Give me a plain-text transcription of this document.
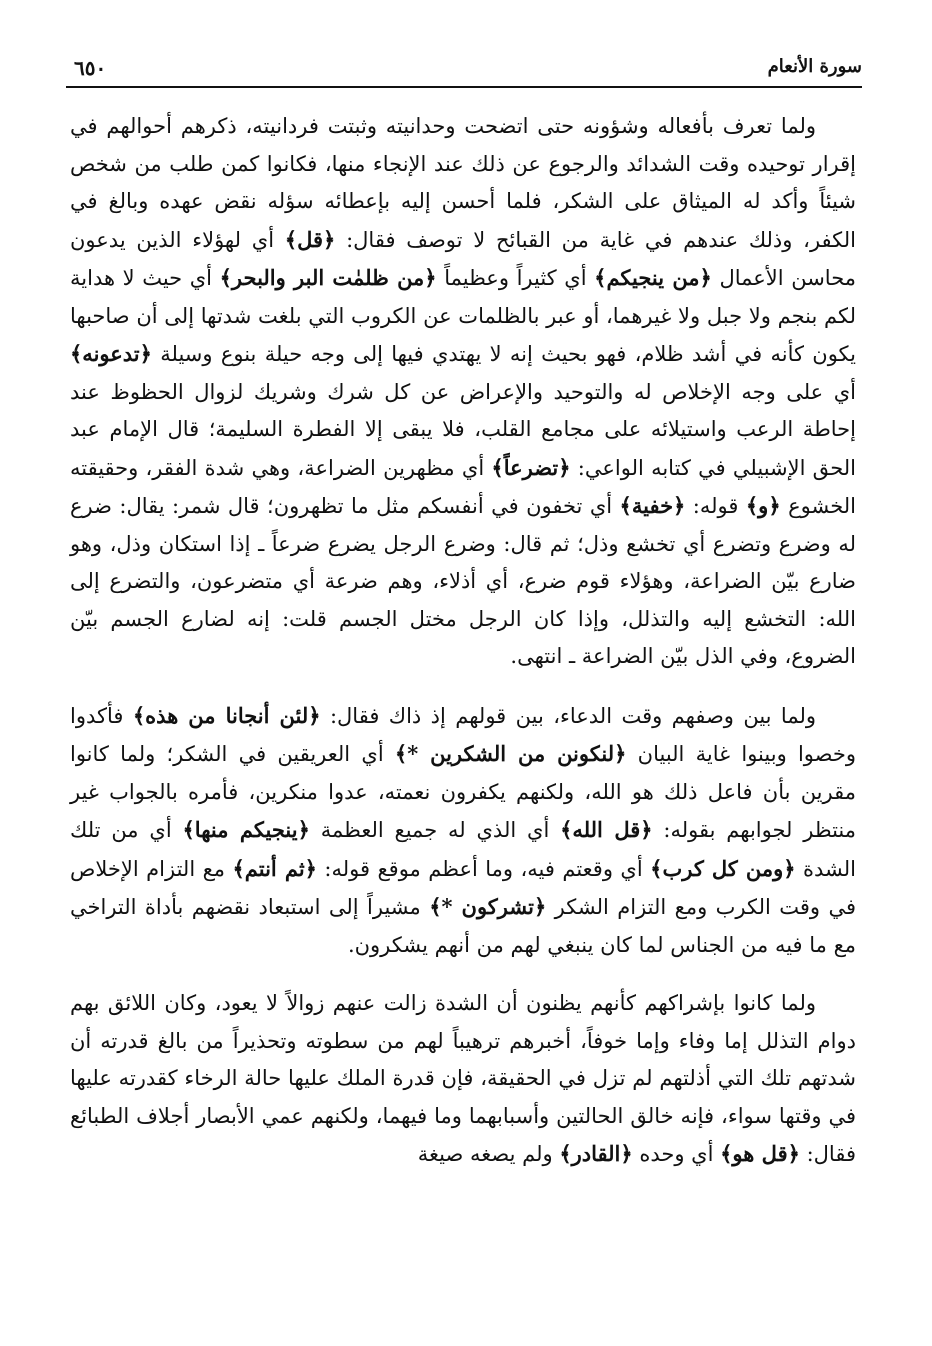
سورة الأنعام
٦٥٠

ولما تعرف بأفعاله وشؤونه حتى اتضحت وحدانيته وثبتت فردانيته، ذكرهم أحوالهم في إقرار توحيده وقت الشدائد والرجوع عن ذلك عند الإنجاء منها، فكانوا كمن طلب من شخص شيئاً وأكد له الميثاق على الشكر، فلما أحسن إليه بإعطائه سؤله نقض عهده وبالغ في الكفر، وذلك عندهم في غاية من القبائح لا توصف فقال: ﴿قل﴾ أي لهؤلاء الذين يدعون محاسن الأعمال ﴿من ينجيكم﴾ أي كثيراً وعظيماً ﴿من ظلمٰت البر والبحر﴾ أي حيث لا هداية لكم بنجم ولا جبل ولا غيرهما، أو عبر بالظلمات عن الكروب التي بلغت شدتها إلى أن صاحبها يكون كأنه في أشد ظلام، فهو بحيث إنه لا يهتدي فيها إلى وجه حيلة بنوع وسيلة ﴿تدعونه﴾ أي على وجه الإخلاص له والتوحيد والإعراض عن كل شرك وشريك لزوال الحظوظ عند إحاطة الرعب واستيلائه على مجامع القلب، فلا يبقى إلا الفطرة السليمة؛ قال الإمام عبد الحق الإشبيلي في كتابه الواعي: ﴿تضرعاً﴾ أي مظهرين الضراعة، وهي شدة الفقر، وحقيقته الخشوع ﴿و﴾ قوله: ﴿خفية﴾ أي تخفون في أنفسكم مثل ما تظهرون؛ قال شمر: يقال: ضرع له وضرع وتضرع أي تخشع وذل؛ ثم قال: وضرع الرجل يضرع ضرعاً ـ إذا استكان وذل، وهو ضارع بيّن الضراعة، وهؤلاء قوم ضرع، أي أذلاء، وهم ضرعة أي متضرعون، والتضرع إلى الله: التخشع إليه والتذلل، وإذا كان الرجل مختل الجسم قلت: إنه لضارع الجسم بيّن الضروع، وفي الذل بيّن الضراعة ـ انتهى.

ولما بين وصفهم وقت الدعاء، بين قولهم إذ ذاك فقال: ﴿لئن أنجانا من هذه﴾ فأكدوا وخصوا وبينوا غاية البيان ﴿لنكونن من الشكرين *﴾ أي العريقين في الشكر؛ ولما كانوا مقرين بأن فاعل ذلك هو الله، ولكنهم يكفرون نعمته، عدوا منكرين، فأمره بالجواب غير منتظر لجوابهم بقوله: ﴿قل الله﴾ أي الذي له جميع العظمة ﴿ينجيكم منها﴾ أي من تلك الشدة ﴿ومن كل كرب﴾ أي وقعتم فيه، وما أعظم موقع قوله: ﴿ثم أنتم﴾ مع التزام الإخلاص في وقت الكرب ومع التزام الشكر ﴿تشركون *﴾ مشيراً إلى استبعاد نقضهم بأداة التراخي مع ما فيه من الجناس لما كان ينبغي لهم من أنهم يشكرون.

ولما كانوا بإشراكهم كأنهم يظنون أن الشدة زالت عنهم زوالاً لا يعود، وكان اللائق بهم دوام التذلل إما وفاء وإما خوفاً، أخبرهم ترهيباً لهم من سطوته وتحذيراً من بالغ قدرته أن شدتهم تلك التي أذلتهم لم تزل في الحقيقة، فإن قدرة الملك عليها حالة الرخاء كقدرته عليها في وقتها سواء، فإنه خالق الحالتين وأسبابهما وما فيهما، ولكنهم عمي الأبصار أجلاف الطبائع فقال: ﴿قل هو﴾ أي وحده ﴿القادر﴾ ولم يصغه صيغة
